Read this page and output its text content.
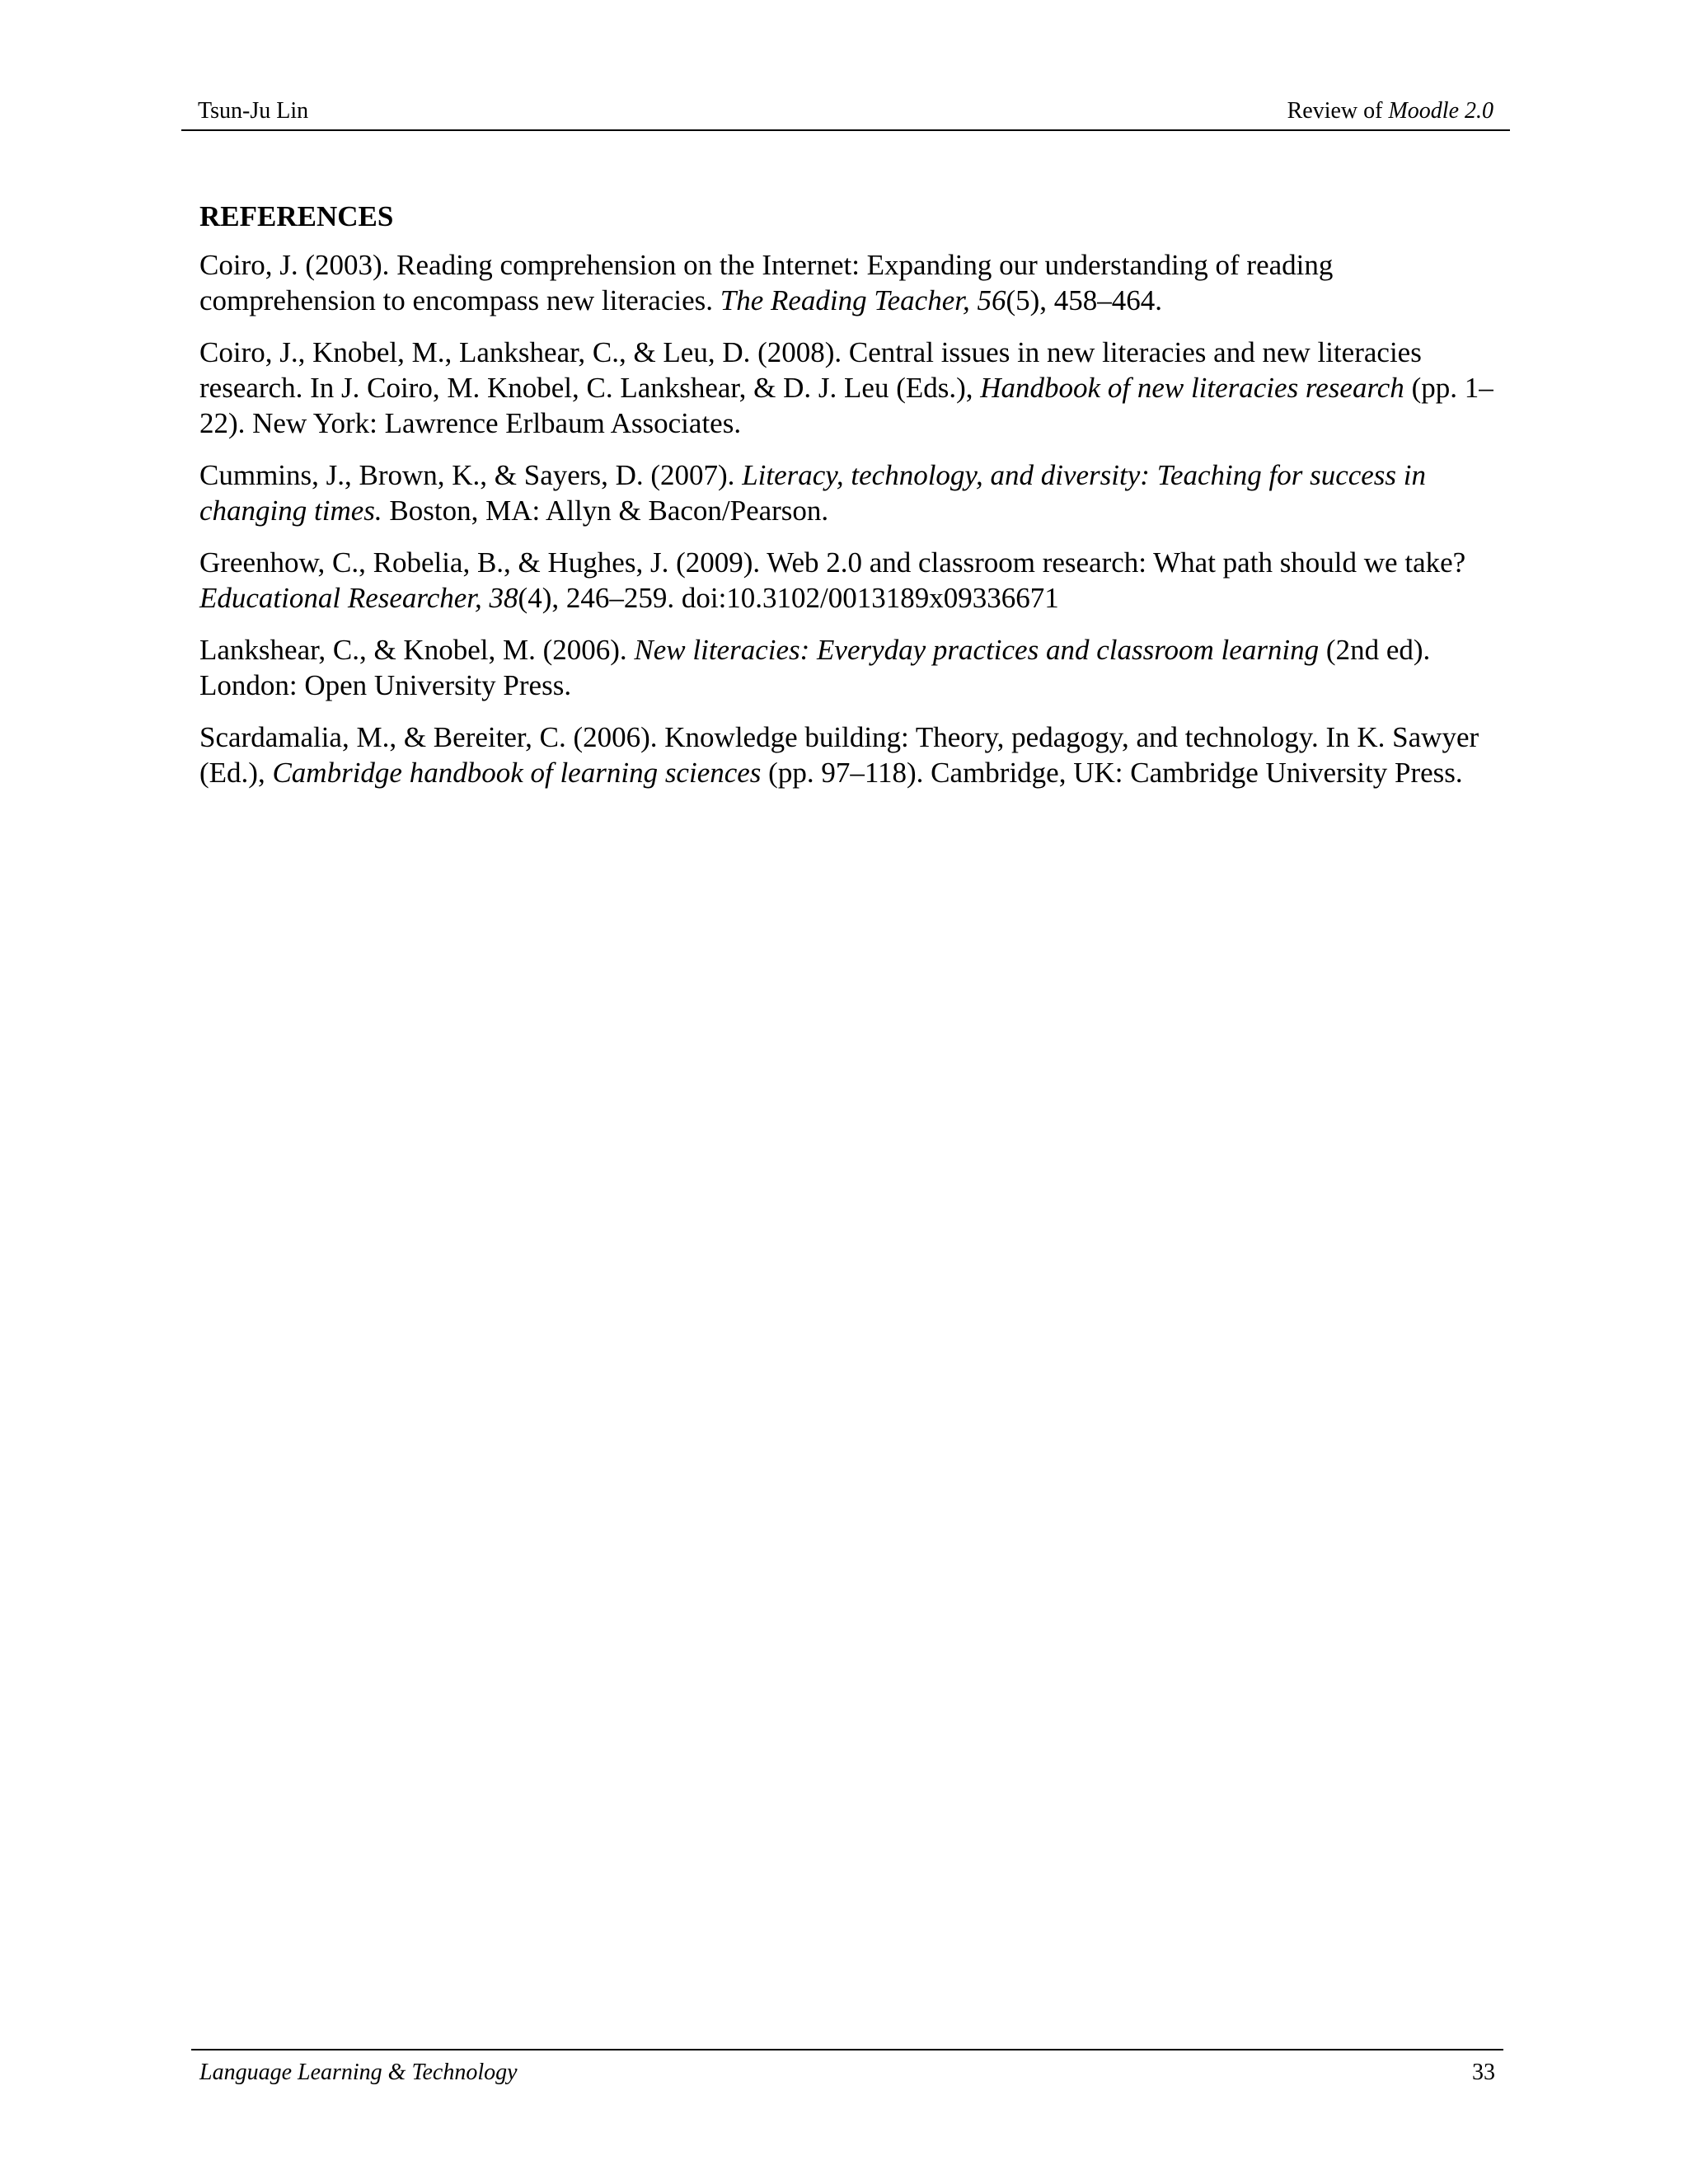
Tsun-Ju Lin	Review of Moodle 2.0
REFERENCES

Coiro, J. (2003). Reading comprehension on the Internet: Expanding our understanding of reading comprehension to encompass new literacies. The Reading Teacher, 56(5), 458–464.

Coiro, J., Knobel, M., Lankshear, C., & Leu, D. (2008). Central issues in new literacies and new literacies research. In J. Coiro, M. Knobel, C. Lankshear, & D. J. Leu (Eds.), Handbook of new literacies research (pp. 1–22). New York: Lawrence Erlbaum Associates.

Cummins, J., Brown, K., & Sayers, D. (2007). Literacy, technology, and diversity: Teaching for success in changing times. Boston, MA: Allyn & Bacon/Pearson.

Greenhow, C., Robelia, B., & Hughes, J. (2009). Web 2.0 and classroom research: What path should we take? Educational Researcher, 38(4), 246–259. doi:10.3102/0013189x09336671

Lankshear, C., & Knobel, M. (2006). New literacies: Everyday practices and classroom learning (2nd ed). London: Open University Press.

Scardamalia, M., & Bereiter, C. (2006). Knowledge building: Theory, pedagogy, and technology. In K. Sawyer (Ed.), Cambridge handbook of learning sciences (pp. 97–118). Cambridge, UK: Cambridge University Press.

Language Learning & Technology	33
